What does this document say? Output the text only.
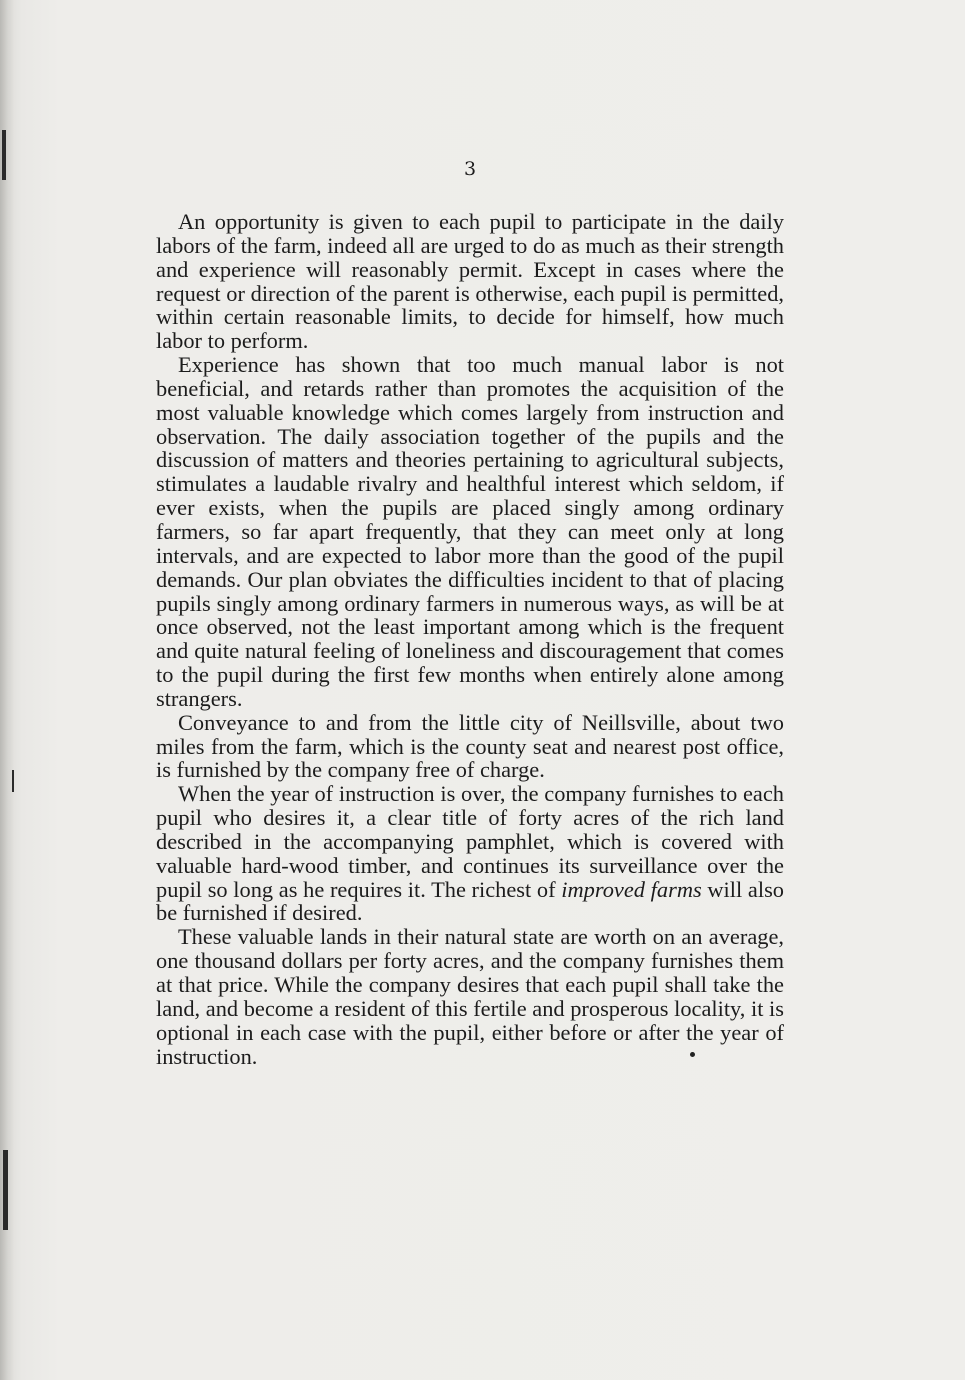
3

An opportunity is given to each pupil to participate in the daily labors of the farm, indeed all are urged to do as much as their strength and experience will reasonably permit. Except in cases where the request or direction of the parent is otherwise, each pupil is permitted, within certain reasonable limits, to decide for himself, how much labor to perform.

Experience has shown that too much manual labor is not beneficial, and retards rather than promotes the acquisition of the most valuable knowledge which comes largely from instruction and observation. The daily association together of the pupils and the discussion of matters and theories pertaining to agricultural subjects, stimulates a laudable rivalry and healthful interest which seldom, if ever exists, when the pupils are placed singly among ordinary farmers, so far apart frequently, that they can meet only at long intervals, and are expected to labor more than the good of the pupil demands. Our plan obviates the difficulties incident to that of placing pupils singly among ordinary farmers in numerous ways, as will be at once observed, not the least important among which is the frequent and quite natural feeling of loneliness and discouragement that comes to the pupil during the first few months when entirely alone among strangers.

Conveyance to and from the little city of Neillsville, about two miles from the farm, which is the county seat and nearest post office, is furnished by the company free of charge.

When the year of instruction is over, the company furnishes to each pupil who desires it, a clear title of forty acres of the rich land described in the accompanying pamphlet, which is covered with valuable hard-wood timber, and continues its surveillance over the pupil so long as he requires it. The richest of improved farms will also be furnished if desired.

These valuable lands in their natural state are worth on an average, one thousand dollars per forty acres, and the company furnishes them at that price. While the company desires that each pupil shall take the land, and become a resident of this fertile and prosperous locality, it is optional in each case with the pupil, either before or after the year of instruction.
